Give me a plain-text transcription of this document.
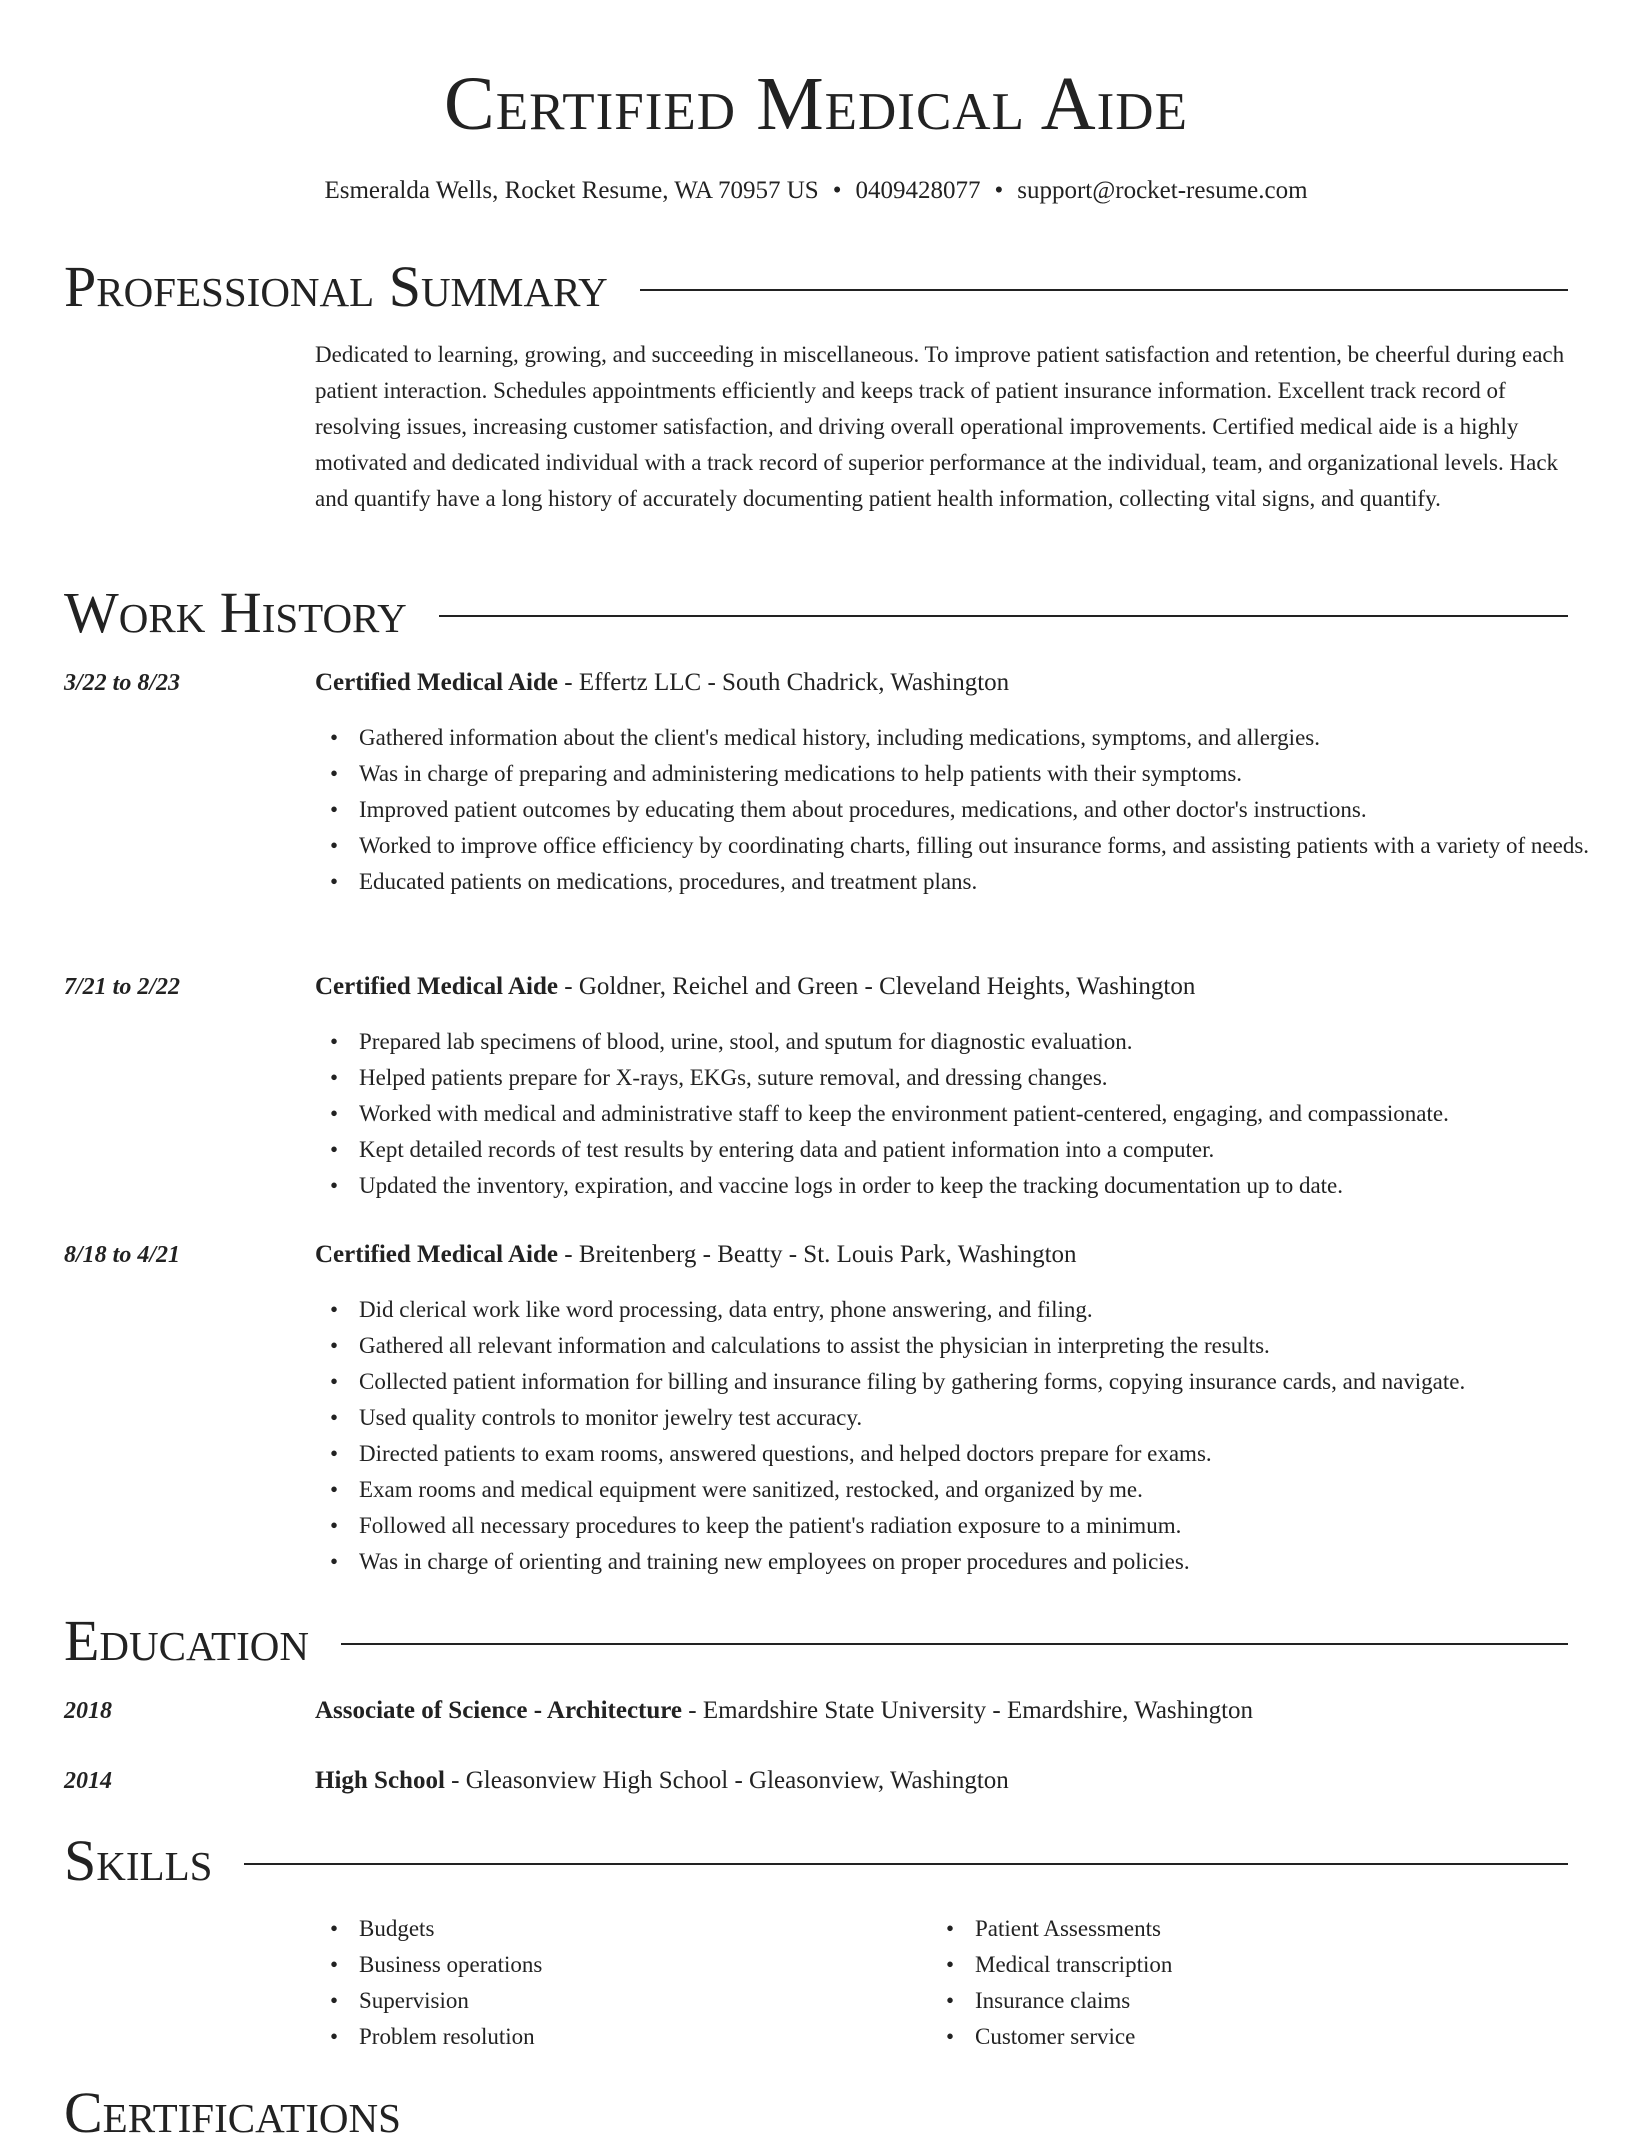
Certified Medical Aide
Esmeralda Wells, Rocket Resume, WA 70957 US • 0409428077 • support@rocket-resume.com
Professional Summary

Dedicated to learning, growing, and succeeding in miscellaneous. To improve patient satisfaction and retention, be cheerful during each patient interaction. Schedules appointments efficiently and keeps track of patient insurance information. Excellent track record of resolving issues, increasing customer satisfaction, and driving overall operational improvements. Certified medical aide is a highly motivated and dedicated individual with a track record of superior performance at the individual, team, and organizational levels. Hack and quantify have a long history of accurately documenting patient health information, collecting vital signs, and quantify.

Work History
3/22 to 8/23	Certified Medical Aide - Effertz LLC - South Chadrick, Washington
• Gathered information about the client's medical history, including medications, symptoms, and allergies.
• Was in charge of preparing and administering medications to help patients with their symptoms.
• Improved patient outcomes by educating them about procedures, medications, and other doctor's instructions.
• Worked to improve office efficiency by coordinating charts, filling out insurance forms, and assisting patients with a variety of needs.
• Educated patients on medications, procedures, and treatment plans.
7/21 to 2/22	Certified Medical Aide - Goldner, Reichel and Green - Cleveland Heights, Washington
• Prepared lab specimens of blood, urine, stool, and sputum for diagnostic evaluation.
• Helped patients prepare for X-rays, EKGs, suture removal, and dressing changes.
• Worked with medical and administrative staff to keep the environment patient-centered, engaging, and compassionate.
• Kept detailed records of test results by entering data and patient information into a computer.
• Updated the inventory, expiration, and vaccine logs in order to keep the tracking documentation up to date.
8/18 to 4/21	Certified Medical Aide - Breitenberg - Beatty - St. Louis Park, Washington
• Did clerical work like word processing, data entry, phone answering, and filing.
• Gathered all relevant information and calculations to assist the physician in interpreting the results.
• Collected patient information for billing and insurance filing by gathering forms, copying insurance cards, and navigate.
• Used quality controls to monitor jewelry test accuracy.
• Directed patients to exam rooms, answered questions, and helped doctors prepare for exams.
• Exam rooms and medical equipment were sanitized, restocked, and organized by me.
• Followed all necessary procedures to keep the patient's radiation exposure to a minimum.
• Was in charge of orienting and training new employees on proper procedures and policies.
Education
2018	Associate of Science - Architecture - Emardshire State University - Emardshire, Washington
2014	High School - Gleasonview High School - Gleasonview, Washington
Skills
• Budgets
• Business operations
• Supervision
• Problem resolution
• Patient Assessments
• Medical transcription
• Insurance claims
• Customer service
Certifications
